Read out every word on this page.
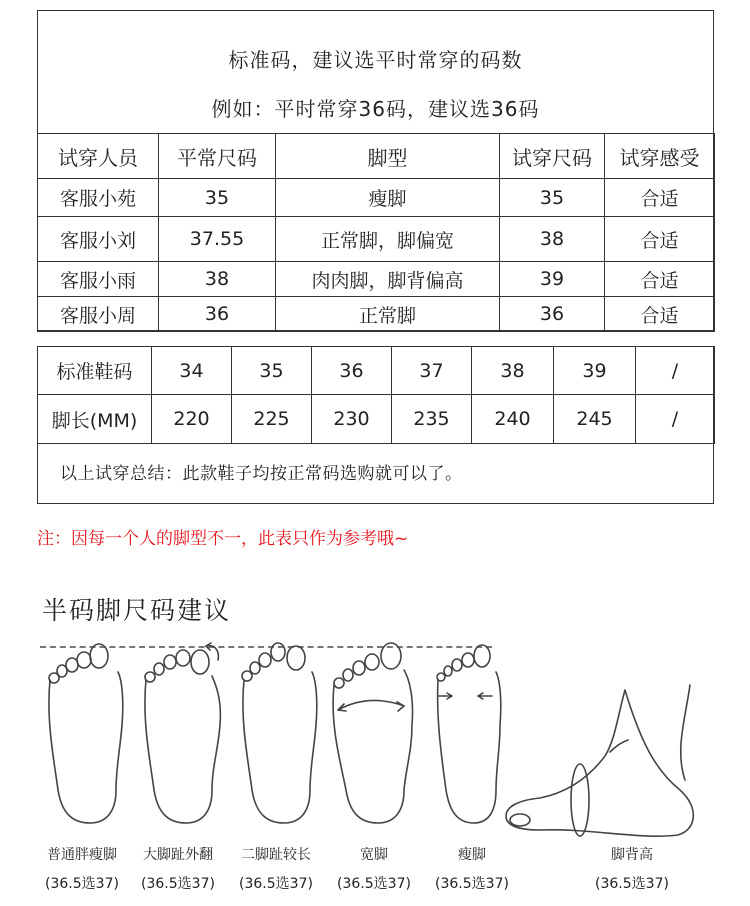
标准码，建议选平时常穿的码数
例如：平时常穿36码，建议选36码
试穿人员	平常尺码	脚型	试穿尺码	试穿感受
客服小苑	35	瘦脚	35	合适
客服小刘	37.55	正常脚，脚偏宽	38	合适
客服小雨	38	肉肉脚，脚背偏高	39	合适
客服小周	36	正常脚	36	合适
标准鞋码	34	35	36	37	38	39	/
脚长(MM)	220	225	230	235	240	245	/
以上试穿总结：此款鞋子均按正常码选购就可以了。
注：因每一个人的脚型不一，此表只作为参考哦~
半码脚尺码建议
普通胖瘦脚
(36.5选37)
大脚趾外翻
(36.5选37)
二脚趾较长
(36.5选37)
宽脚
(36.5选37)
瘦脚
(36.5选37)
脚背高
(36.5选37)
